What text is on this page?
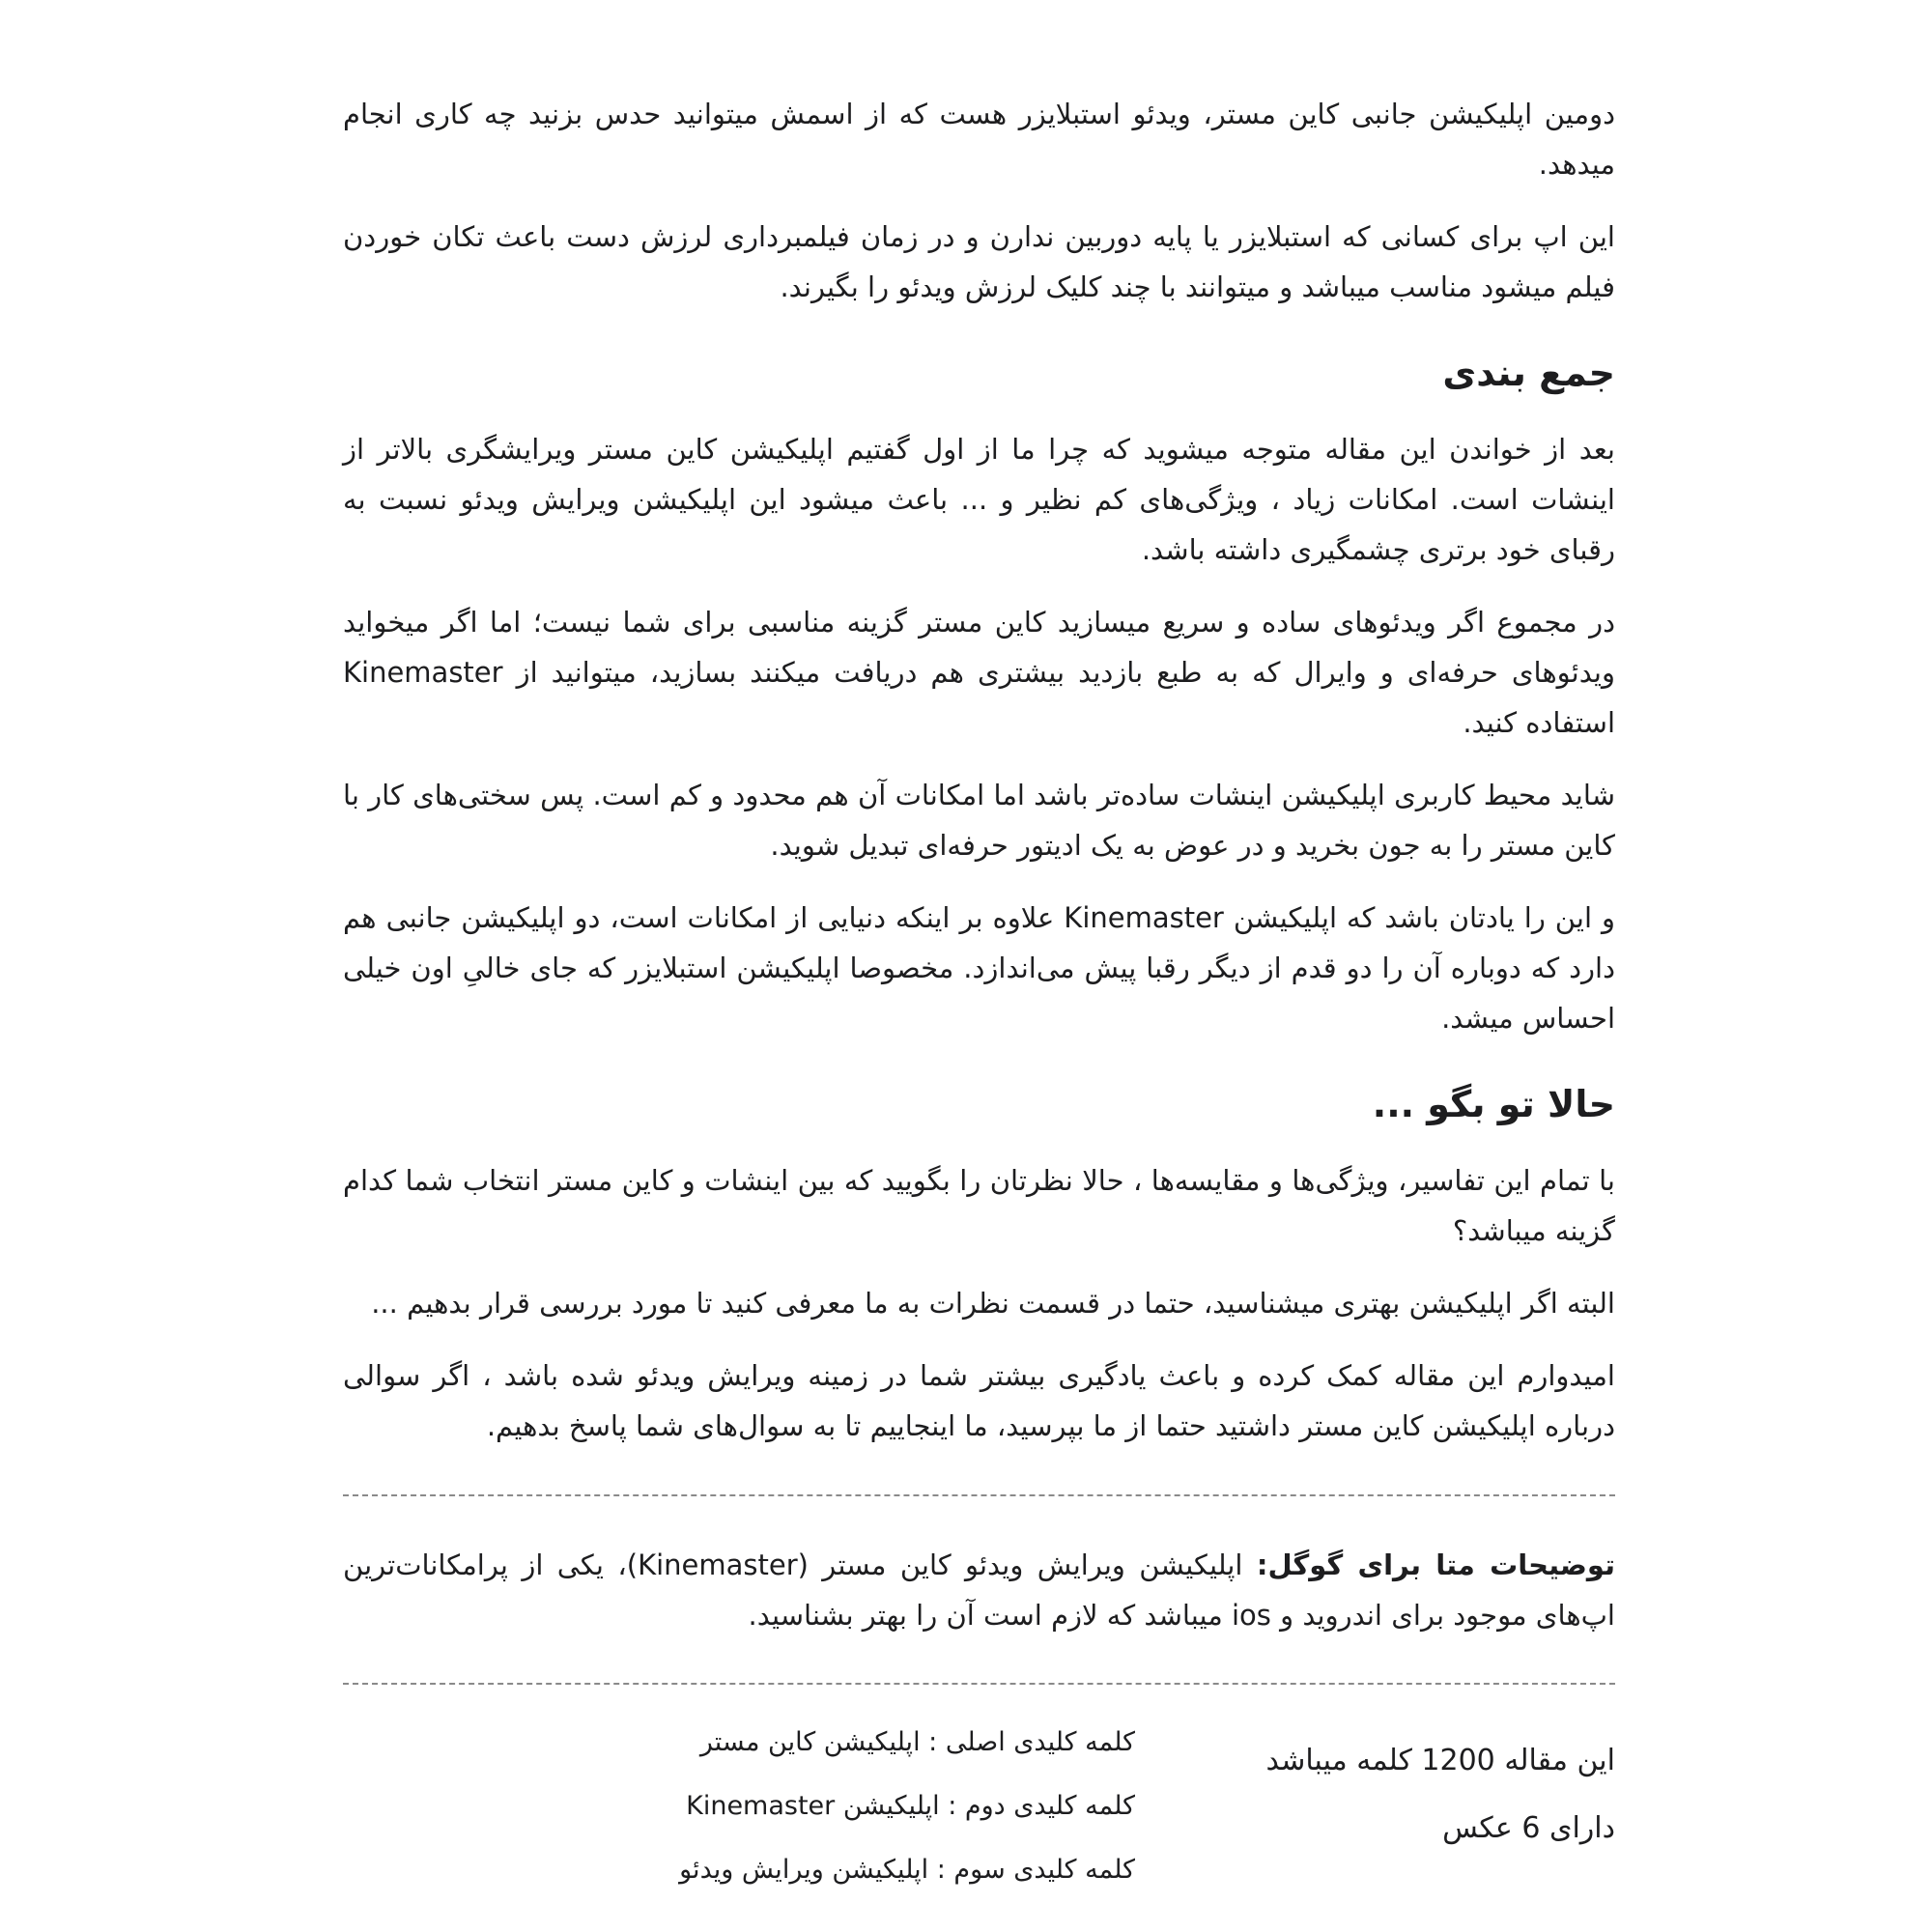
دومین اپلیکیشن جانبی کاین مستر، ویدئو استبلایزر هست که از اسمش میتوانید حدس بزنید چه کاری انجام میدهد.

این اپ برای کسانی که استبلایزر یا پایه دوربین ندارن و در زمان فیلمبرداری لرزش دست باعث تکان خوردن فیلم میشود مناسب میباشد و میتوانند با چند کلیک لرزش ویدئو را بگیرند.

جمع بندی

بعد از خواندن این مقاله متوجه میشوید که چرا ما از اول گفتیم اپلیکیشن کاین مستر ویرایشگری بالاتر از اینشات است. امکانات زیاد ، ویژگی‌های کم نظیر و ... باعث میشود این اپلیکیشن ویرایش ویدئو نسبت به رقبای خود برتری چشمگیری داشته باشد.

در مجموع اگر ویدئوهای ساده و سریع میسازید کاین مستر گزینه مناسبی برای شما نیست؛ اما اگر میخواید ویدئوهای حرفه‌ای و وایرال که به طبع بازدید بیشتری هم دریافت میکنند بسازید، میتوانید از Kinemaster استفاده کنید.

شاید محیط کاربری اپلیکیشن اینشات ساده‌تر باشد اما امکانات آن هم محدود و کم است. پس سختی‌های کار با کاین مستر را به جون بخرید و در عوض به یک ادیتور حرفه‌ای تبدیل شوید.

و این را یادتان باشد که اپلیکیشن Kinemaster علاوه بر اینکه دنیایی از امکانات است، دو اپلیکیشن جانبی هم دارد که دوباره آن را دو قدم از دیگر رقبا پیش می‌اندازد. مخصوصا اپلیکیشن استبلایزر که جای خالیِ اون خیلی احساس میشد.

حالا تو بگو ...

با تمام این تفاسیر، ویژگی‌ها و مقایسه‌ها ، حالا نظرتان را بگویید که بین اینشات و کاین مستر انتخاب شما کدام گزینه میباشد؟

البته اگر اپلیکیشن بهتری میشناسید، حتما در قسمت نظرات به ما معرفی کنید تا مورد بررسی قرار بدهیم ...

امیدوارم این مقاله کمک کرده و باعث یادگیری بیشتر شما در زمینه ویرایش ویدئو شده باشد ، اگر سوالی درباره اپلیکیشن کاین مستر داشتید حتما از ما بپرسید، ما اینجاییم تا به سوال‌های شما پاسخ بدهیم.

توضیحات متا برای گوگل: اپلیکیشن ویرایش ویدئو کاین مستر (Kinemaster)، یکی از پرامکانات‌ترین اپ‌های موجود برای اندروید و ios میباشد که لازم است آن را بهتر بشناسید.

این مقاله 1200 کلمه میباشد
دارای 6 عکس
کلمه کلیدی اصلی : اپلیکیشن کاین مستر
کلمه کلیدی دوم : اپلیکیشن Kinemaster
کلمه کلیدی سوم : اپلیکیشن ویرایش ویدئو
